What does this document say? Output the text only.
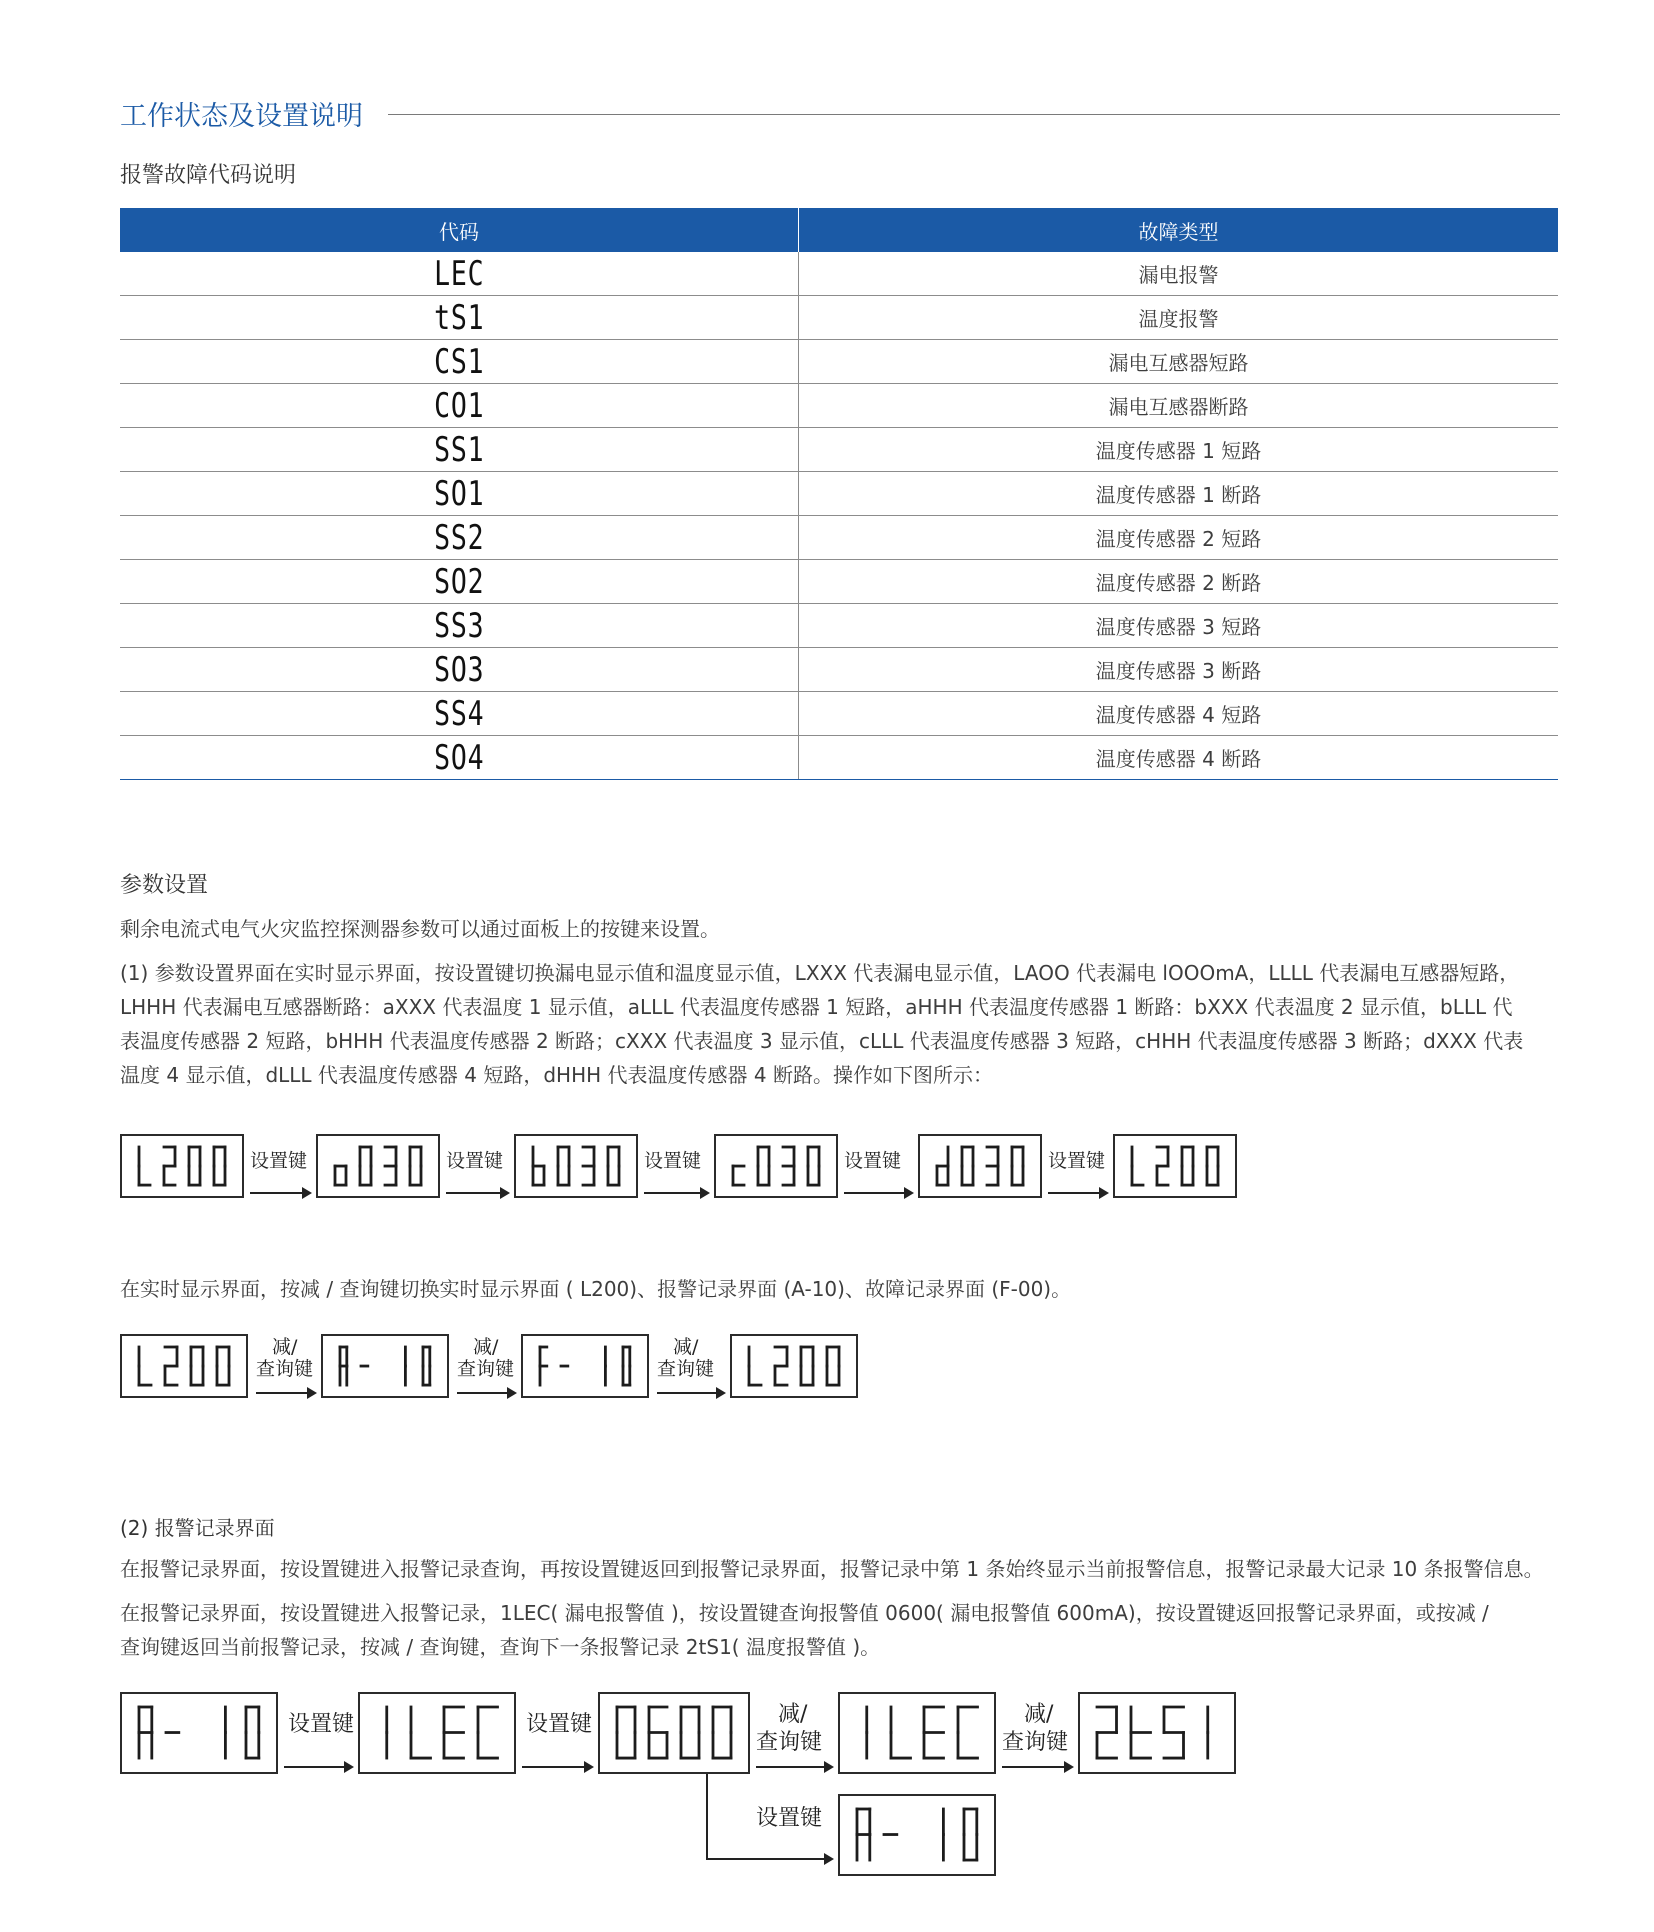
工作状态及设置说明
报警故障代码说明
代码	故障类型
LEC	漏电报警
tS1	温度报警
CS1	漏电互感器短路
CO1	漏电互感器断路
SS1	温度传感器 1 短路
SO1	温度传感器 1 断路
SS2	温度传感器 2 短路
SO2	温度传感器 2 断路
SS3	温度传感器 3 短路
SO3	温度传感器 3 断路
SS4	温度传感器 4 短路
SO4	温度传感器 4 断路
参数设置
剩余电流式电气火灾监控探测器参数可以通过面板上的按键来设置。
(1) 参数设置界面在实时显示界面，按设置键切换漏电显示值和温度显示值，LXXX 代表漏电显示值，LAOO 代表漏电 lOOOmA，LLLL 代表漏电互感器短路，
LHHH 代表漏电互感器断路：aXXX 代表温度 1 显示值，aLLL 代表温度传感器 1 短路，aHHH 代表温度传感器 1 断路：bXXX 代表温度 2 显示值，bLLL 代
表温度传感器 2 短路，bHHH 代表温度传感器 2 断路；cXXX 代表温度 3 显示值，cLLL 代表温度传感器 3 短路，cHHH 代表温度传感器 3 断路；dXXX 代表
温度 4 显示值，dLLL 代表温度传感器 4 短路，dHHH 代表温度传感器 4 断路。操作如下图所示：
设置键	设置键	设置键	设置键	设置键
在实时显示界面，按减 / 查询键切换实时显示界面 ( L200)、报警记录界面 (A-10)、故障记录界面 (F-00)。
减/
查询键
减/
查询键
减/
查询键
(2) 报警记录界面
在报警记录界面，按设置键进入报警记录查询，再按设置键返回到报警记录界面，报警记录中第 1 条始终显示当前报警信息，报警记录最大记录 10 条报警信息。
在报警记录界面，按设置键进入报警记录，1LEC( 漏电报警值 )，按设置键查询报警值 0600( 漏电报警值 600mA)，按设置键返回报警记录界面，或按减 /
查询键返回当前报警记录，按减 / 查询键，查询下一条报警记录 2tS1( 温度报警值 )。
设置键	设置键	减/
查询键
减/
查询键
设置键
